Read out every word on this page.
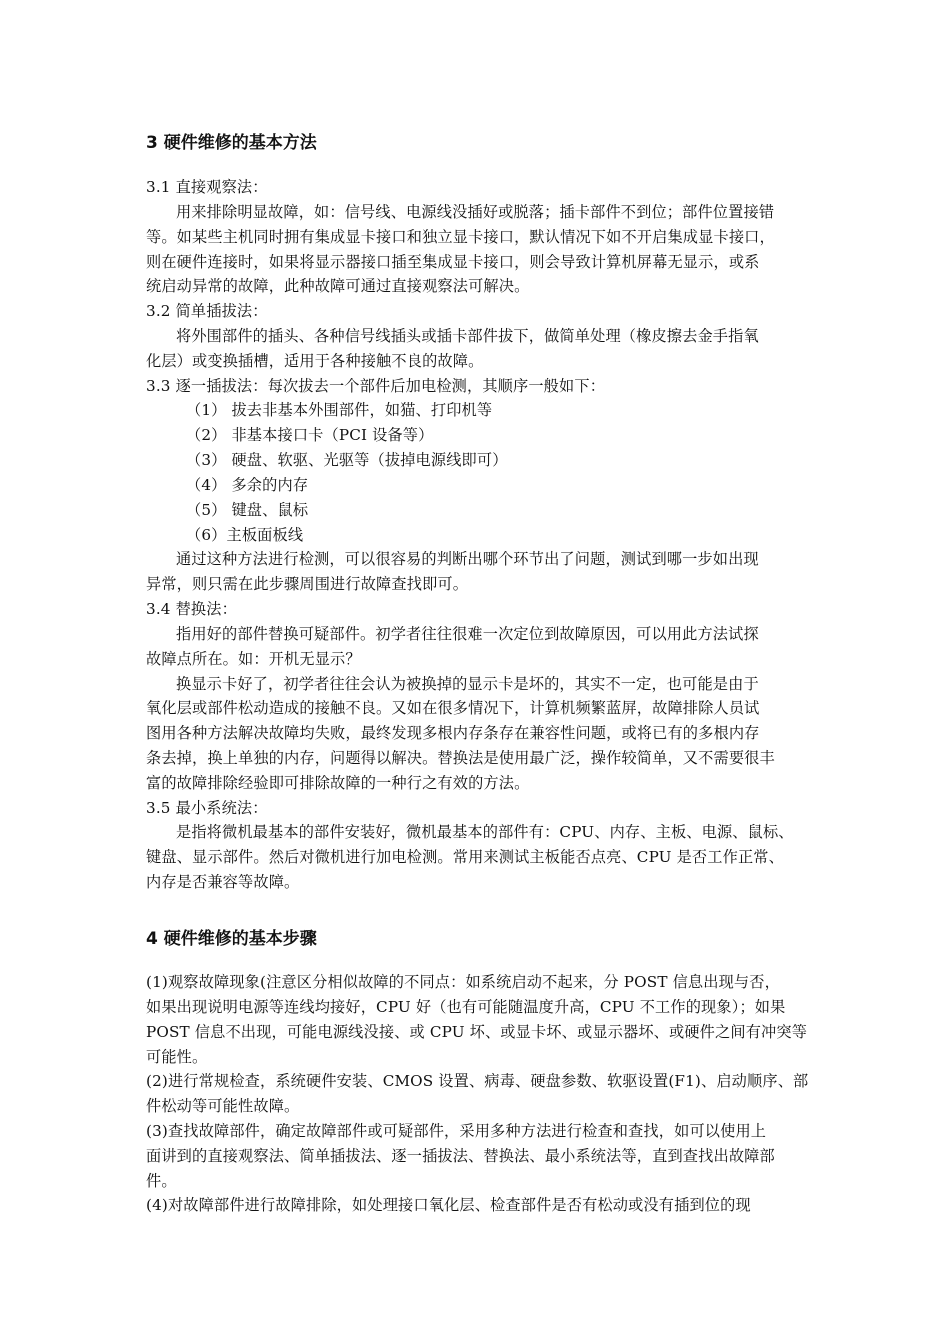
3 硬件维修的基本方法
3.1 直接观察法：
用来排除明显故障，如：信号线、电源线没插好或脱落；插卡部件不到位；部件位置接错
等。如某些主机同时拥有集成显卡接口和独立显卡接口，默认情况下如不开启集成显卡接口，
则在硬件连接时，如果将显示器接口插至集成显卡接口，则会导致计算机屏幕无显示，或系
统启动异常的故障，此种故障可通过直接观察法可解决。
3.2 简单插拔法：
将外围部件的插头、各种信号线插头或插卡部件拔下，做简单处理（橡皮擦去金手指氧
化层）或变换插槽，适用于各种接触不良的故障。
3.3 逐一插拔法：每次拔去一个部件后加电检测，其顺序一般如下：
（1） 拔去非基本外围部件，如猫、打印机等
（2） 非基本接口卡（PCI 设备等）
（3） 硬盘、软驱、光驱等（拔掉电源线即可）
（4） 多余的内存
（5） 键盘、鼠标
（6）主板面板线
通过这种方法进行检测，可以很容易的判断出哪个环节出了问题，测试到哪一步如出现
异常，则只需在此步骤周围进行故障查找即可。
3.4 替换法：
指用好的部件替换可疑部件。初学者往往很难一次定位到故障原因，可以用此方法试探
故障点所在。如：开机无显示？
换显示卡好了，初学者往往会认为被换掉的显示卡是坏的，其实不一定，也可能是由于
氧化层或部件松动造成的接触不良。又如在很多情况下，计算机频繁蓝屏，故障排除人员试
图用各种方法解决故障均失败，最终发现多根内存条存在兼容性问题，或将已有的多根内存
条去掉，换上单独的内存，问题得以解决。替换法是使用最广泛，操作较简单，又不需要很丰
富的故障排除经验即可排除故障的一种行之有效的方法。
3.5 最小系统法：
是指将微机最基本的部件安装好，微机最基本的部件有：CPU、内存、主板、电源、鼠标、
键盘、显示部件。然后对微机进行加电检测。常用来测试主板能否点亮、CPU 是否工作正常、
内存是否兼容等故障。
4 硬件维修的基本步骤
(1)观察故障现象(注意区分相似故障的不同点：如系统启动不起来，分 POST 信息出现与否，
如果出现说明电源等连线均接好，CPU 好（也有可能随温度升高，CPU 不工作的现象）；如果
POST 信息不出现，可能电源线没接、或 CPU 坏、或显卡坏、或显示器坏、或硬件之间有冲突等
可能性。
(2)进行常规检查，系统硬件安装、CMOS 设置、病毒、硬盘参数、软驱设置(F1)、启动顺序、部
件松动等可能性故障。
(3)查找故障部件，确定故障部件或可疑部件，采用多种方法进行检查和查找，如可以使用上
面讲到的直接观察法、简单插拔法、逐一插拔法、替换法、最小系统法等，直到查找出故障部
件。
(4)对故障部件进行故障排除，如处理接口氧化层、检查部件是否有松动或没有插到位的现
